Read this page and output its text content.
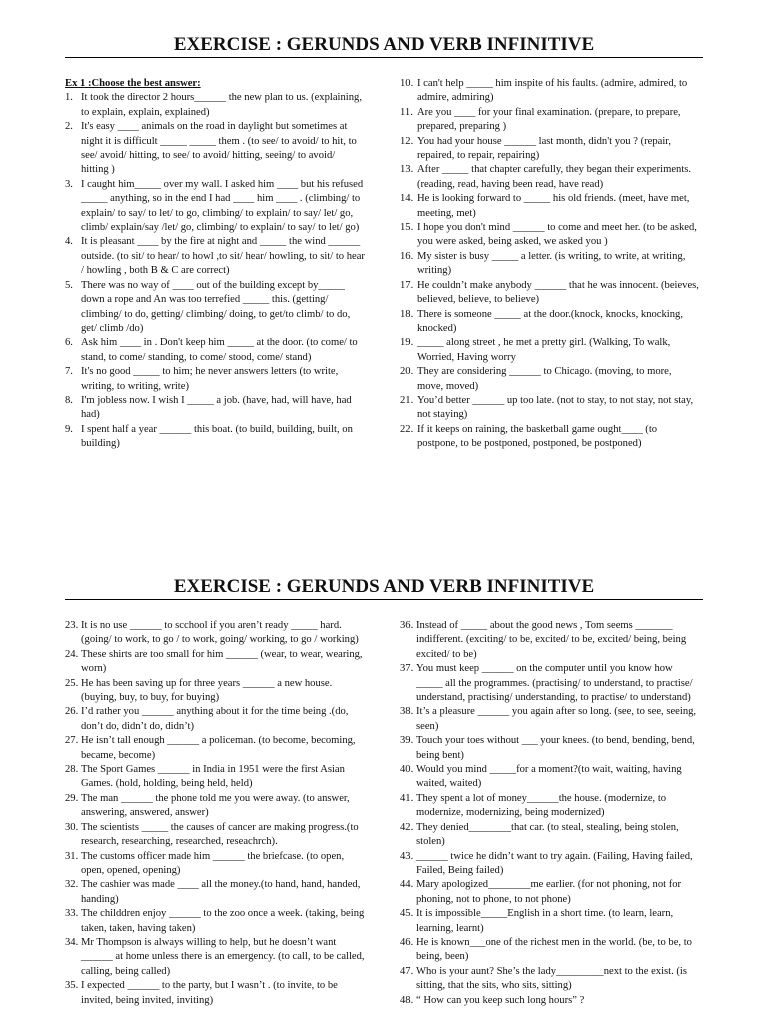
EXERCISE : GERUNDS AND VERB INFINITIVE
Ex 1 :Choose the best answer:
1. It took the director 2 hours______ the new plan to us. (explaining, to explain, explain, explained)
2. It's easy ____ animals on the road in daylight but sometimes at night it is difficult _____ _____ them . (to see/ to avoid/ to hit, to see/ avoid/ hitting, to see/ to avoid/ hitting, seeing/ to avoid/ hitting )
3. I caught him_____ over my wall. I asked him ____ but his refused _____ anything, so in the end I had ____ him ____ . (climbing/ to explain/ to say/ to let/ to go, climbing/ to explain/ to say/ let/ go, climb/ explain/say /let/ go, climbing/ to explain/ to say/ to let/ go)
4. It is pleasant ____ by the fire at night and _____ the wind ______ outside. (to sit/ to hear/ to howl ,to sit/ hear/ howling, to sit/ to hear / howling , both B & C are correct)
5. There was no way of ____ out of the building except by_____ down a rope and An was too terrefied _____ this. (getting/ climbing/ to do, getting/ climbing/ doing, to get/to climb/ to do, get/ climb /do)
6. Ask him ____ in . Don't keep him _____ at the door. (to come/ to stand, to come/ standing, to come/ stood, come/ stand)
7. It's no good _____ to him; he never answers letters (to write, writing, to writing, write)
8. I'm jobless now. I wish I _____ a job. (have, had, will have, had had)
9. I spent half a year ______ this boat. (to build, building, built, on building)
10. I can't help _____ him inspite of his faults. (admire, admired, to admire, admiring)
11. Are you ____ for your final examination. (prepare, to prepare, prepared, preparing )
12. You had your house ______ last month, didn't you ? (repair, repaired, to repair, repairing)
13. After _____ that chapter carefully, they began their experiments. (reading, read, having been read, have read)
14. He is looking forward to _____ his old friends. (meet, have met, meeting, met)
15. I hope you don't mind ______ to come and meet her. (to be asked, you were asked, being asked, we asked you )
16. My sister is busy _____ a letter. (is writing, to write, at writing, writing)
17. He couldn’t make anybody ______ that he was innocent. (beieves, believed, believe, to believe)
18. There is someone _____ at the door.(knock, knocks, knocking, knocked)
19. _____ along street , he met a pretty girl. (Walking, To walk, Worried, Having worry
20. They are considering ______ to Chicago. (moving, to more, move, moved)
21. You’d better ______ up too late. (not to stay, to not stay, not stay, not staying)
22. If it keeps on raining, the basketball game ought____ (to postpone, to be postponed, postponed, be postponed)
EXERCISE : GERUNDS AND VERB INFINITIVE
23. It is no use ______ to scchool if you aren’t ready _____ hard. (going/ to work, to go / to work, going/ working, to go / working)
24. These shirts are too small for him ______ (wear, to wear, wearing, worn)
25. He has been saving up for three years ______ a new house. (buying, buy, to buy, for buying)
26. I’d rather you ______ anything about it for the time being .(do, don’t do, didn’t do, didn’t)
27. He isn’t tall enough ______ a policeman. (to become, becoming, became, become)
28. The Sport Games ______ in India in 1951 were the first Asian Games. (hold, holding, being held, held)
29. The man ______ the phone told me you were away. (to answer, answering, answered, answer)
30. The scientists _____ the causes of cancer are making progress.(to research, researching, researched, reseachrch).
31. The customs officer made him ______ the briefcase. (to open, open, opened, opening)
32. The cashier was made ____ all the money.(to hand, hand, handed, handing)
33. The childdren enjoy ______ to the zoo once a week. (taking, being taken, taken, having taken)
34. Mr Thompson is always willing to help, but he doesn’t want ______ at home unless there is an emergency. (to call, to be called, calling, being called)
35. I expected ______ to the party, but I wasn’t . (to invite, to be invited, being invited, inviting)
36. Instead of _____ about the good news , Tom seems _______ indifferent. (exciting/ to be, excited/ to be, excited/ being, being excited/ to be)
37. You must keep ______ on the computer until you know how _____ all the programmes. (practising/ to understand, to practise/ understand, practising/ understanding, to practise/ to understand)
38. It’s a pleasure ______ you again after so long. (see, to see, seeing, seen)
39. Touch your toes without ___ your knees. (to bend, bending, bend, being bent)
40. Would you mind _____for a moment?(to wait, waiting, having waited, waited)
41. They spent a lot of money______the house. (modernize, to modernize, modernizing, being modernized)
42. They denied________that car. (to steal, stealing, being stolen, stolen)
43. ______ twice he didn’t want to try again. (Failing, Having failed, Failed, Being failed)
44. Mary apologized________me earlier. (for not phoning, not for phoning, not to phone, to not phone)
45. It is impossible_____English in a short time. (to learn, learn, learning, learnt)
46. He is known___one of the richest men in the world. (be, to be, to being, been)
47. Who is your aunt? She’s the lady_________next to the exist. (is sitting, that the sits, who sits, sitting)
48. “ How can you keep such long hours” ?
